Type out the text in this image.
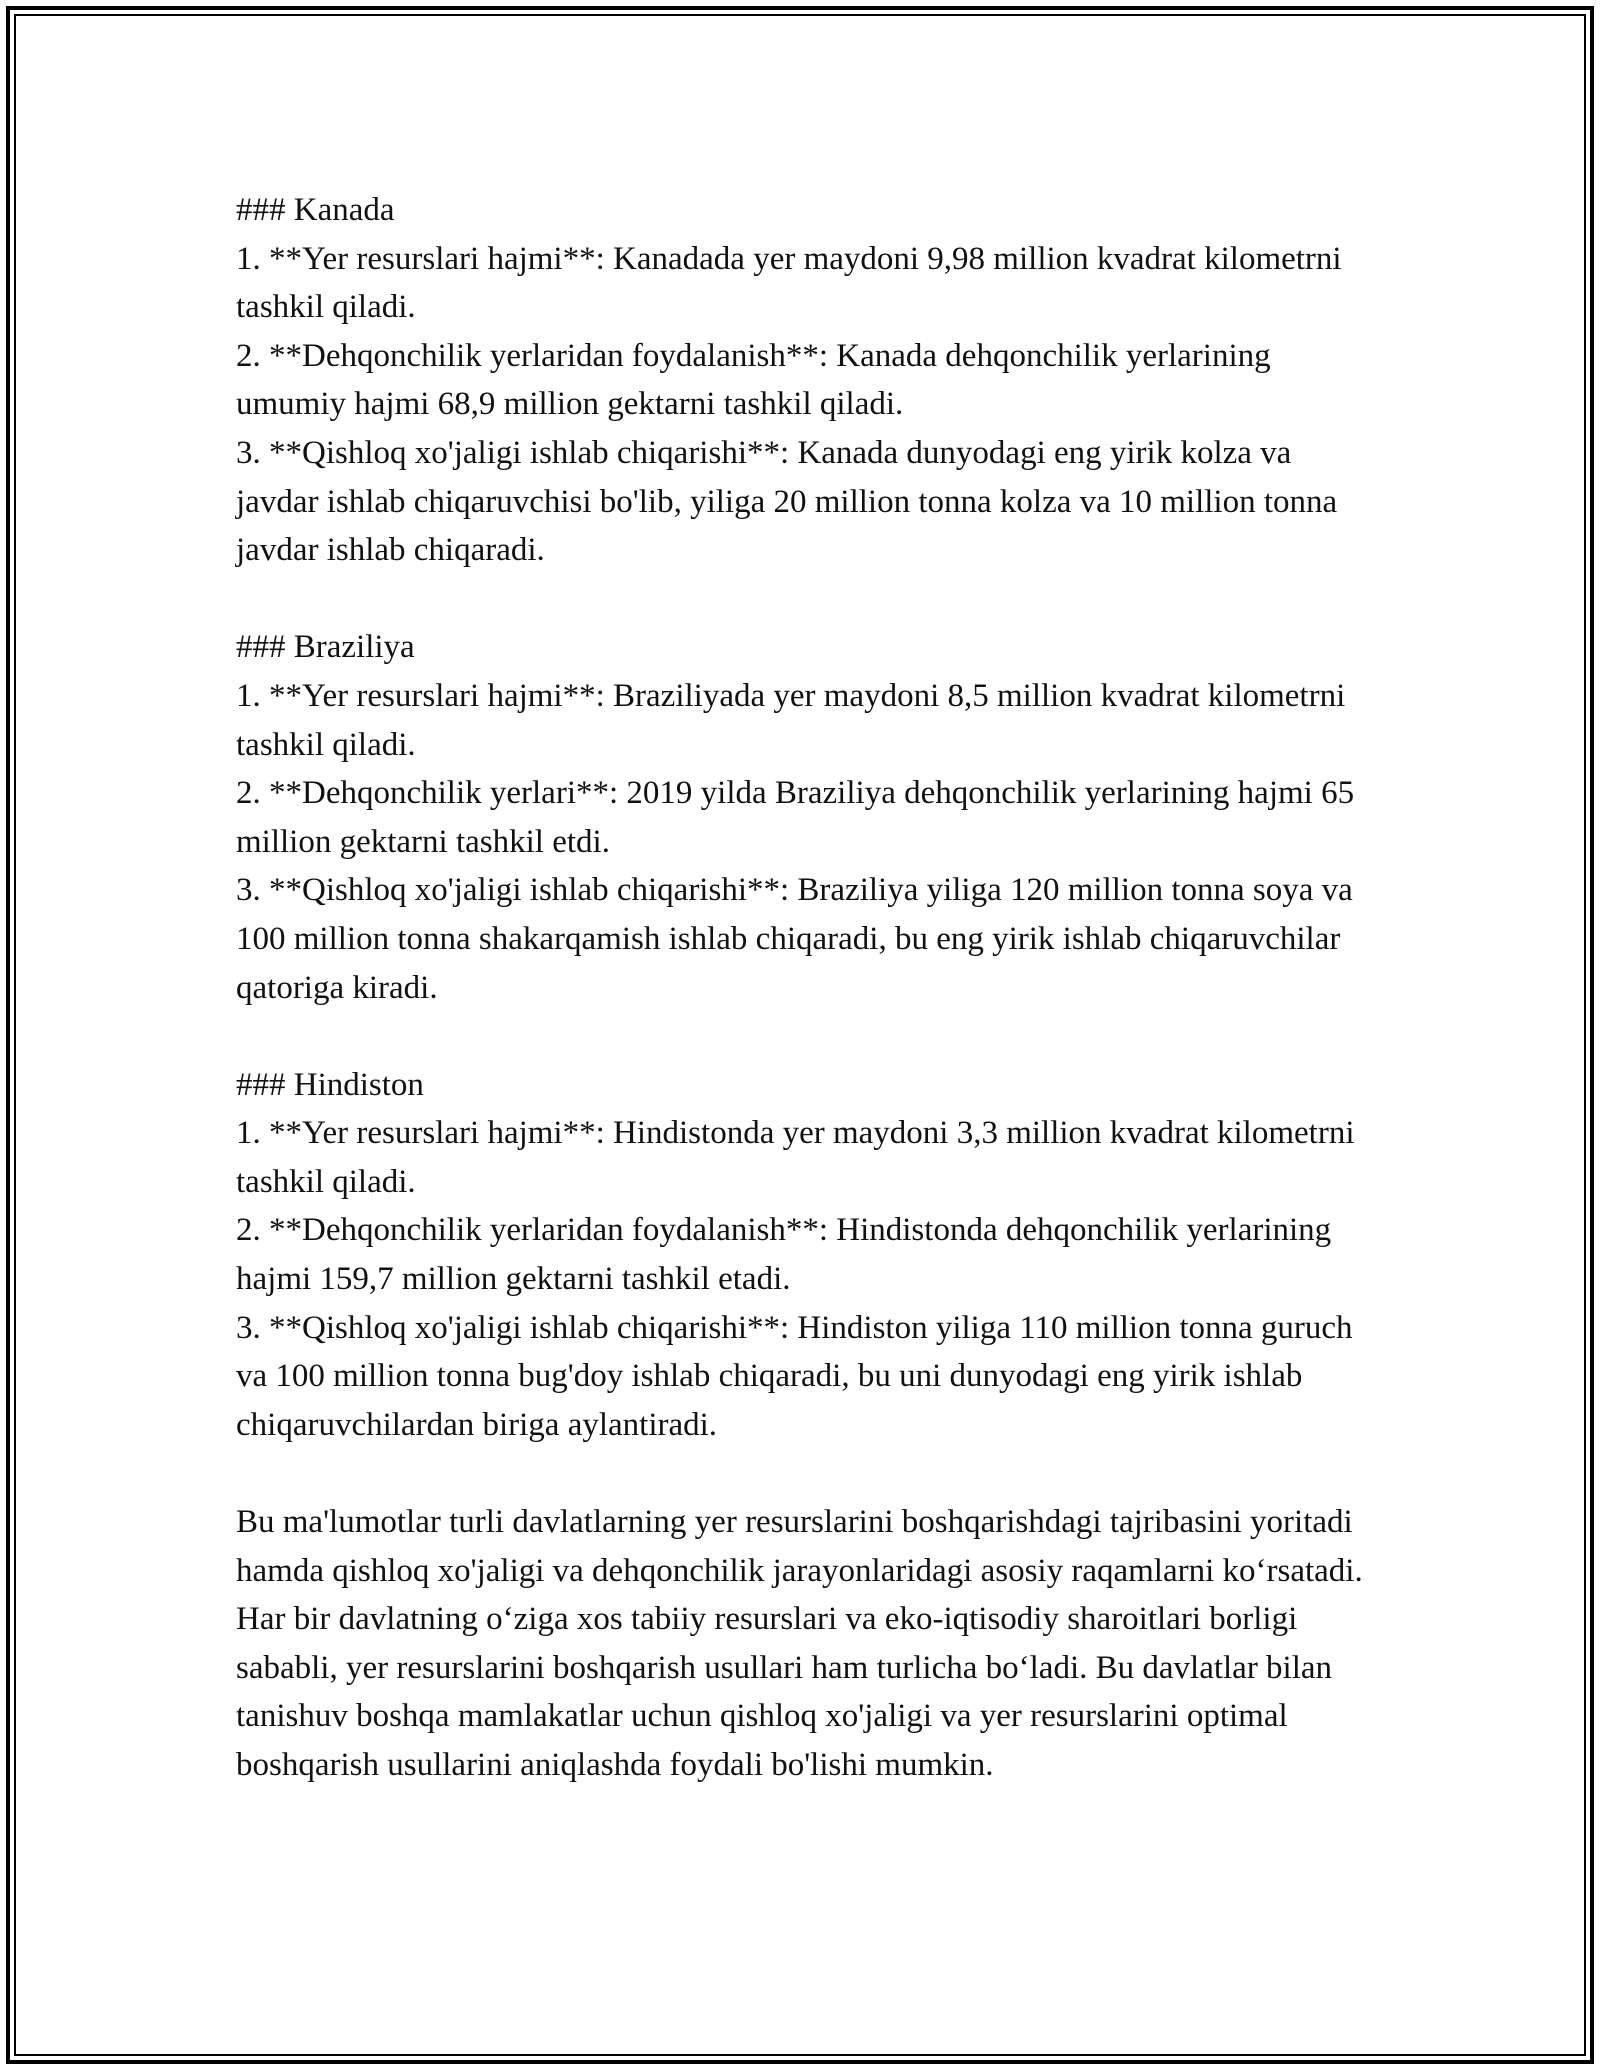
### Kanada

1. **Yer resurslari hajmi**: Kanadada yer maydoni 9,98 million kvadrat kilometrni tashkil qiladi.

2. **Dehqonchilik yerlaridan foydalanish**: Kanada dehqonchilik yerlarining umumiy hajmi 68,9 million gektarni tashkil qiladi.

3. **Qishloq xo'jaligi ishlab chiqarishi**: Kanada dunyodagi eng yirik kolza va javdar ishlab chiqaruvchisi bo'lib, yiliga 20 million tonna kolza va 10 million tonna javdar ishlab chiqaradi.

### Braziliya

1. **Yer resurslari hajmi**: Braziliyada yer maydoni 8,5 million kvadrat kilometrni tashkil qiladi.

2. **Dehqonchilik yerlari**: 2019 yilda Braziliya dehqonchilik yerlarining hajmi 65 million gektarni tashkil etdi.

3. **Qishloq xo'jaligi ishlab chiqarishi**: Braziliya yiliga 120 million tonna soya va 100 million tonna shakarqamish ishlab chiqaradi, bu eng yirik ishlab chiqaruvchilar qatoriga kiradi.

### Hindiston

1. **Yer resurslari hajmi**: Hindistonda yer maydoni 3,3 million kvadrat kilometrni tashkil qiladi.

2. **Dehqonchilik yerlaridan foydalanish**: Hindistonda dehqonchilik yerlarining hajmi 159,7 million gektarni tashkil etadi.

3. **Qishloq xo'jaligi ishlab chiqarishi**: Hindiston yiliga 110 million tonna guruch va 100 million tonna bug'doy ishlab chiqaradi, bu uni dunyodagi eng yirik ishlab chiqaruvchilardan biriga aylantiradi.

Bu ma'lumotlar turli davlatlarning yer resurslarini boshqarishdagi tajribasini yoritadi hamda qishloq xo'jaligi va dehqonchilik jarayonlaridagi asosiy raqamlarni ko‘rsatadi. Har bir davlatning o‘ziga xos tabiiy resurslari va eko-iqtisodiy sharoitlari borligi sababli, yer resurslarini boshqarish usullari ham turlicha bo‘ladi. Bu davlatlar bilan tanishuv boshqa mamlakatlar uchun qishloq xo'jaligi va yer resurslarini optimal boshqarish usullarini aniqlashda foydali bo'lishi mumkin.
